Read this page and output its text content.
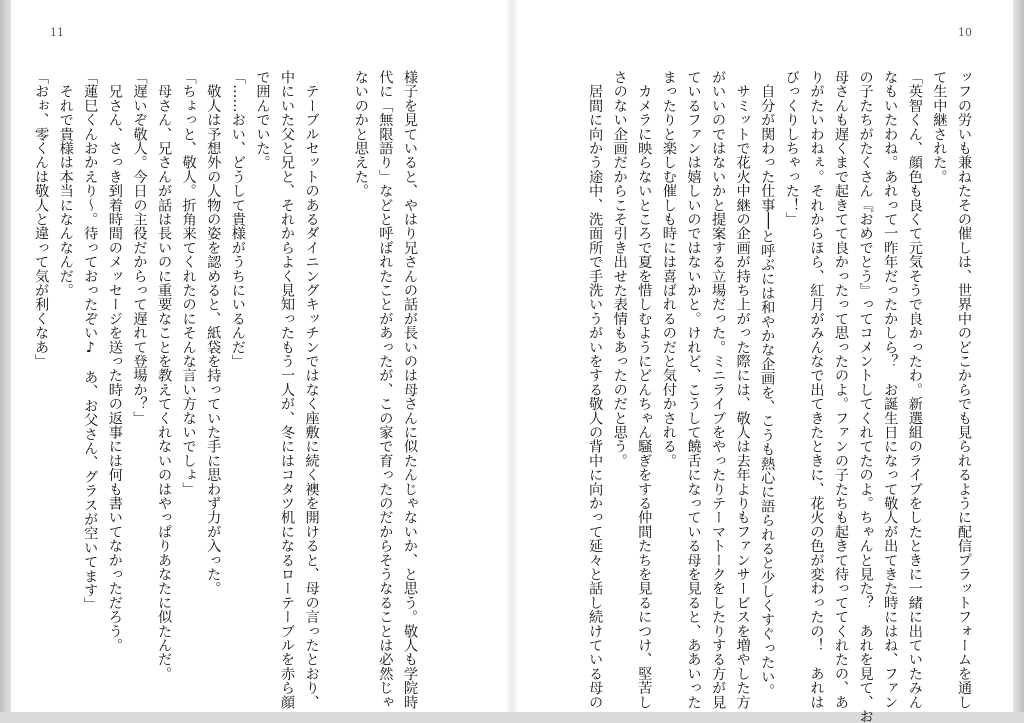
11	10
ッフの労いも兼ねたその催しは、世界中のどこからでも見られるように配信プラットフォームを通し
て生中継された。
「英智くん、顔色も良くて元気そうで良かったわ。新選組のライブをしたときに一緒に出ていたみん
なもいたわね。あれって一昨年だったかしら？　お誕生日になって敬人が出てきた時にはね、ファン
の子たちがたくさん『おめでとう』ってコメントしてくれてたのよ。ちゃんと見た？　あれを見て、お
母さんも遅くまで起きてて良かったって思ったのよ。ファンの子たちも起きて待っててくれたの、あ
りがたいわねぇ。それからほら、紅月がみんなで出てきたときに、花火の色が変わったの！　あれは
びっくりしちゃった！」
　自分が関わった仕事──と呼ぶには和やかな企画を、こうも熱心に語られると少しくすぐったい。
　サミットで花火中継の企画が持ち上がった際には、敬人は去年よりもファンサービスを増やした方
がいいのではないかと提案する立場だった。ミニライブをやったりテーマトークをしたりする方が見
ているファンは嬉しいのではないかと。けれど、こうして饒舌になっている母を見ると、ああいった
まったりと楽しむ催しも時には喜ばれるのだと気付かされる。
　カメラに映らないところで夏を惜しむようにどんちゃん騒ぎをする仲間たちを見るにつけ、堅苦し
さのない企画だからこそ引き出せた表情もあったのだと思う。
　居間に向かう途中、洗面所で手洗いうがいをする敬人の背中に向かって延々と話し続けている母の
様子を見ていると、やはり兄さんの話が長いのは母さんに似たんじゃないか、と思う。敬人も学院時
代に「無限語り」などと呼ばれたことがあったが、この家で育ったのだからそうなることは必然じゃ
ないのかと思えた。

　テーブルセットのあるダイニングキッチンではなく座敷に続く襖を開けると、母の言ったとおり、
中にいた父と兄と、それからよく見知ったもう一人が、冬にはコタツ机になるローテーブルを赤ら顔
で囲んでいた。
「……おい、どうして貴様がうちにいるんだ」
　敬人は予想外の人物の姿を認めると、紙袋を持っていた手に思わず力が入った。
「ちょっと、敬人。折角来てくれたのにそんな言い方ないでしょ」
　母さん、兄さんが話は長いのに重要なことを教えてくれないのはやっぱりあなたに似たんだ。
「遅いぞ敬人。今日の主役だからって遅れて登場か？」
　兄さん、さっき到着時間のメッセージを送った時の返事には何も書いてなかっただろう。
「蓮巳くんおかえり〜。待っておったぞい♪　あ、お父さん、グラスが空いてます」
　それで貴様は本当になんなんだ。
「おぉ、零くんは敬人と違って気が利くなあ」
